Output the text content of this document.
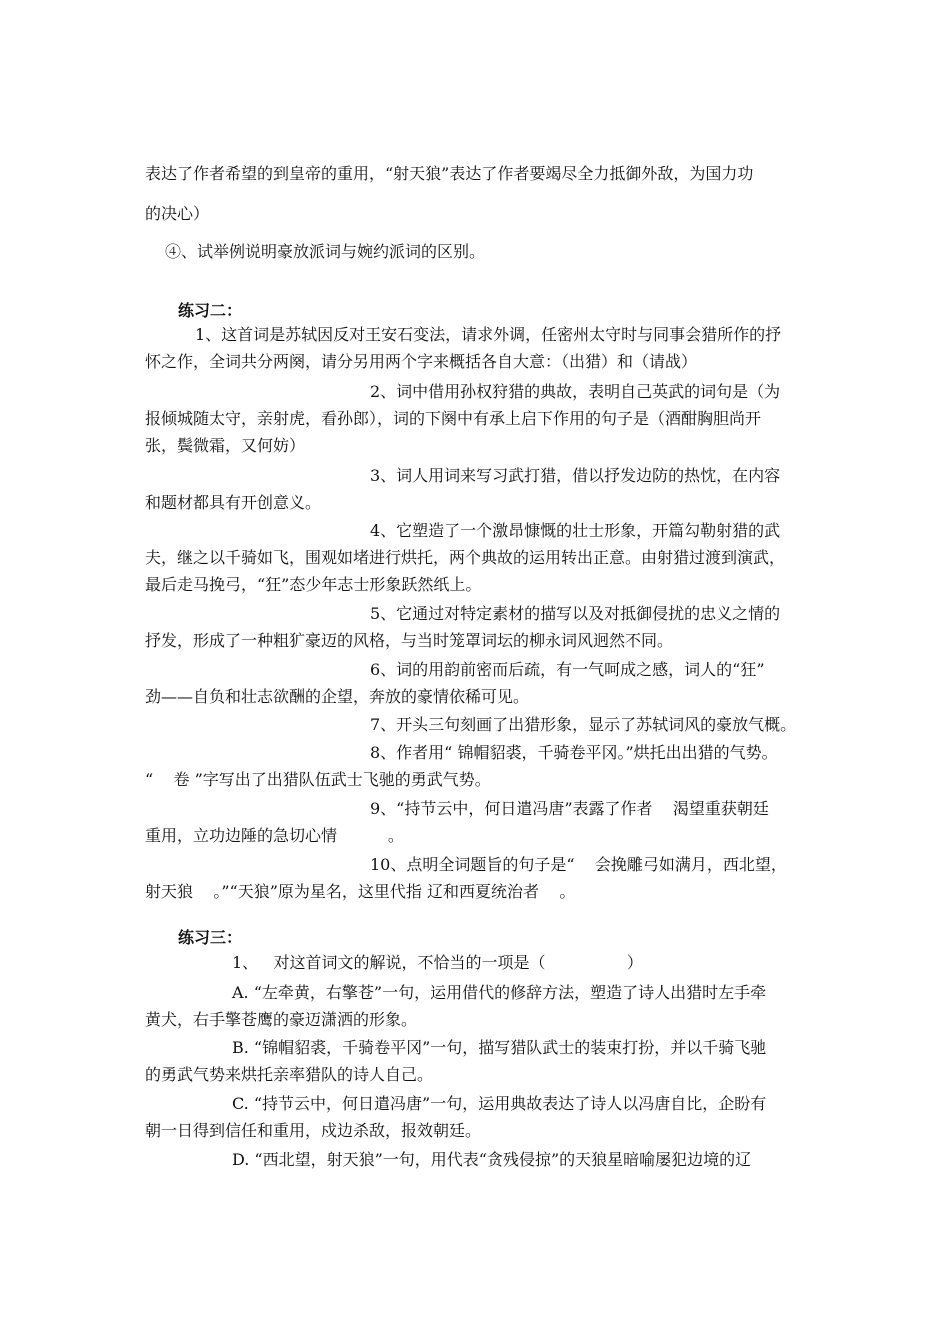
表达了作者希望的到皇帝的重用，“射天狼”表达了作者要竭尽全力抵御外敌，为国力功
的决心）
④、试举例说明豪放派词与婉约派词的区别。
练习二：
1、这首词是苏轼因反对王安石变法，请求外调，任密州太守时与同事会猎所作的抒
怀之作，全词共分两阕，请分另用两个字来概括各自大意：（出猎）和（请战）
2、词中借用孙权狩猎的典故，表明自己英武的词句是（为
报倾城随太守，亲射虎，看孙郎），词的下阕中有承上启下作用的句子是（酒酣胸胆尚开
张，鬓微霜，又何妨）
3、词人用词来写习武打猎，借以抒发边防的热忱，在内容
和题材都具有开创意义。
4、它塑造了一个激昂慷慨的壮士形象，开篇勾勒射猎的武
夫，继之以千骑如飞，围观如堵进行烘托，两个典故的运用转出正意。由射猎过渡到演武，
最后走马挽弓，“狂”态少年志士形象跃然纸上。
5、它通过对特定素材的描写以及对抵御侵扰的忠义之情的
抒发，形成了一种粗犷豪迈的风格，与当时笼罩词坛的柳永词风迥然不同。
6、词的用韵前密而后疏，有一气呵成之感，词人的“狂”
劲——自负和壮志欲酬的企望，奔放的豪情依稀可见。
7、开头三句刻画了出猎形象，显示了苏轼词风的豪放气概。
8、作者用“ 锦帽貂裘，千骑卷平冈。”烘托出出猎的气势。
“    卷 ”字写出了出猎队伍武士飞驰的勇武气势。
9、“持节云中，何日遣冯唐”表露了作者    渴望重获朝廷
重用，立功边陲的急切心情          。
10、点明全词题旨的句子是“    会挽雕弓如满月，西北望，
射天狼    。”“天狼”原为星名，这里代指 辽和西夏统治者    。
练习三：
1、   对这首词文的解说，不恰当的一项是（                ）
A. “左牵黄，右擎苍”一句，运用借代的修辞方法，塑造了诗人出猎时左手牵
黄犬，右手擎苍鹰的豪迈潇洒的形象。
B. “锦帽貂裘，千骑卷平冈”一句，描写猎队武士的装束打扮，并以千骑飞驰
的勇武气势来烘托亲率猎队的诗人自己。
C. “持节云中，何日遣冯唐”一句，运用典故表达了诗人以冯唐自比，企盼有
朝一日得到信任和重用，戍边杀敌，报效朝廷。
D. “西北望，射天狼”一句，用代表“贪残侵掠”的天狼星暗喻屡犯边境的辽
